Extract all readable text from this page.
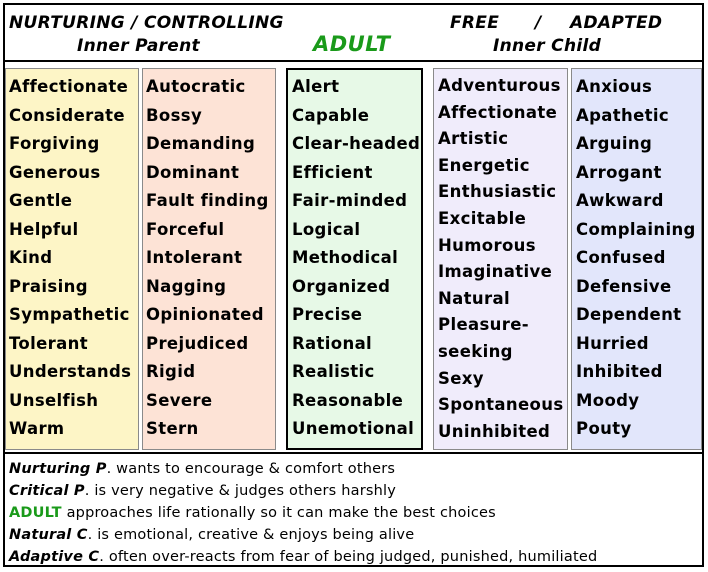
NURTURING / CONTROLLING
Inner Parent	ADULT
FREE / ADAPTED
Inner Child
Affectionate
Considerate
Forgiving
Generous
Gentle
Helpful
Kind
Praising
Sympathetic
Tolerant
Understands
Unselfish
Warm
Autocratic
Bossy
Demanding
Dominant
Fault finding
Forceful
Intolerant
Nagging
Opinionated
Prejudiced
Rigid
Severe
Stern
Alert
Capable
Clear-headed
Efficient
Fair-minded
Logical
Methodical
Organized
Precise
Rational
Realistic
Reasonable
Unemotional
Adventurous
Affectionate
Artistic
Energetic
Enthusiastic
Excitable
Humorous
Imaginative
Natural
Pleasure-
seeking
Sexy
Spontaneous
Uninhibited
Anxious
Apathetic
Arguing
Arrogant
Awkward
Complaining
Confused
Defensive
Dependent
Hurried
Inhibited
Moody
Pouty
Nurturing P. wants to encourage & comfort others
Critical P. is very negative & judges others harshly
ADULT approaches life rationally so it can make the best choices
Natural C. is emotional, creative & enjoys being alive
Adaptive C. often over-reacts from fear of being judged, punished, humiliated
